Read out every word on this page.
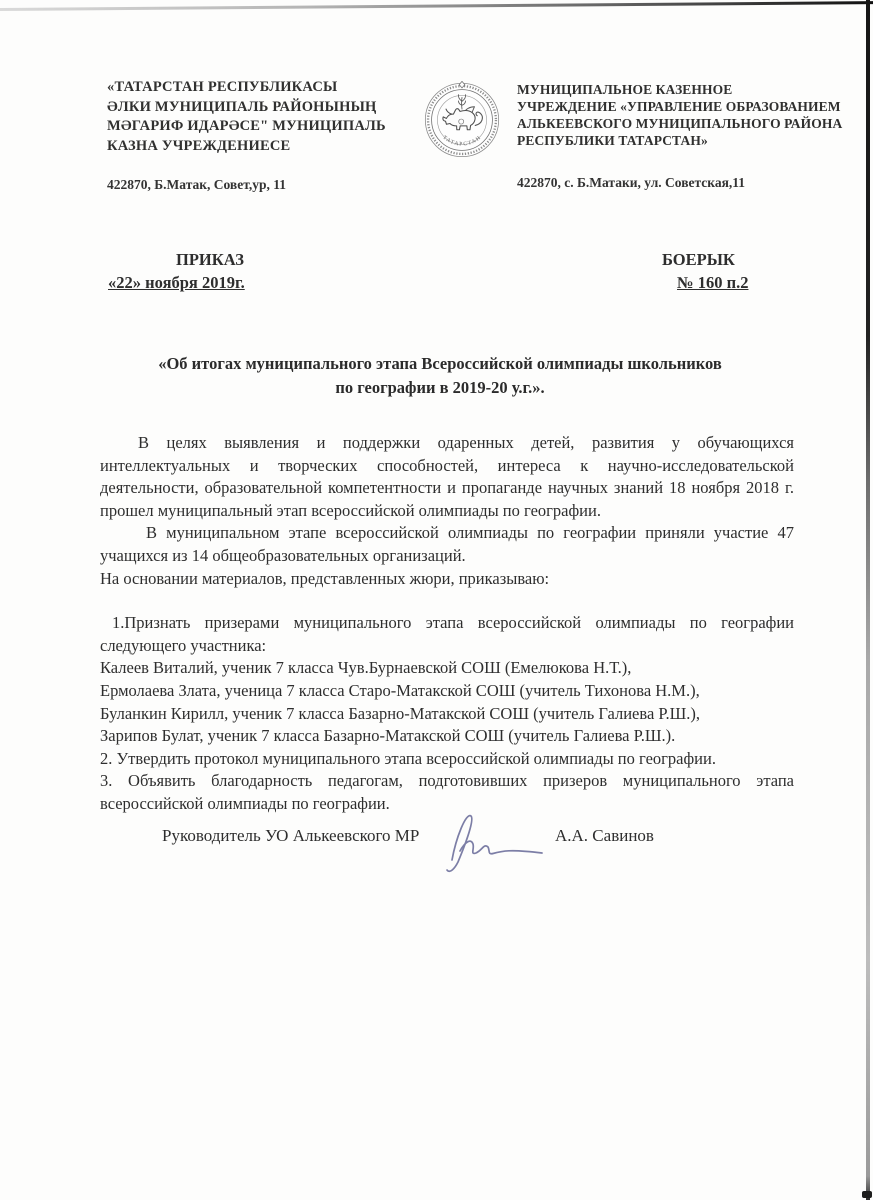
«ТАТАРСТАН РЕСПУБЛИКАСЫ
ӘЛКИ МУНИЦИПАЛЬ РАЙОНЫНЫҢ
МӘГАРИФ ИДАРӘСЕ" МУНИЦИПАЛЬ
КАЗНА УЧРЕЖДЕНИЕСЕ
422870, Б.Матак, Совет,ур, 11
ТАТАРСТАН
МУНИЦИПАЛЬНОЕ КАЗЕННОЕ
УЧРЕЖДЕНИЕ «УПРАВЛЕНИЕ ОБРАЗОВАНИЕМ
АЛЬКЕЕВСКОГО МУНИЦИПАЛЬНОГО РАЙОНА
РЕСПУБЛИКИ ТАТАРСТАН»
422870, с. Б.Матаки, ул. Советская,11
ПРИКАЗ
«22» ноября 2019г.
БОЕРЫК
№ 160 п.2
«Об итогах муниципального этапа Всероссийской олимпиады школьников
по географии в 2019-20 у.г.».

В целях выявления и поддержки одаренных детей, развития у обучающихся интеллектуальных и творческих способностей, интереса к научно-исследовательской деятельности, образовательной компетентности и пропаганде научных знаний 18 ноября 2018 г. прошел муниципальный этап всероссийской олимпиады по географии.

В муниципальном этапе всероссийской олимпиады по географии приняли участие 47 учащихся из 14 общеобразовательных организаций.

На основании материалов, представленных жюри, приказываю:

1.Признать призерами муниципального этапа всероссийской олимпиады по географии следующего участника:

Калеев Виталий, ученик 7 класса Чув.Бурнаевской СОШ (Емелюкова Н.Т.),

Ермолаева Злата, ученица 7 класса Старо-Матакской СОШ (учитель Тихонова Н.М.),

Буланкин Кирилл, ученик 7 класса Базарно-Матакской СОШ (учитель Галиева Р.Ш.),

Зарипов Булат, ученик 7 класса Базарно-Матакской СОШ (учитель Галиева Р.Ш.).

2. Утвердить протокол муниципального этапа всероссийской олимпиады по географии.

3. Объявить благодарность педагогам, подготовивших призеров муниципального этапа всероссийской олимпиады по географии.

Руководитель УО Алькеевского МР	А.А. Савинов
